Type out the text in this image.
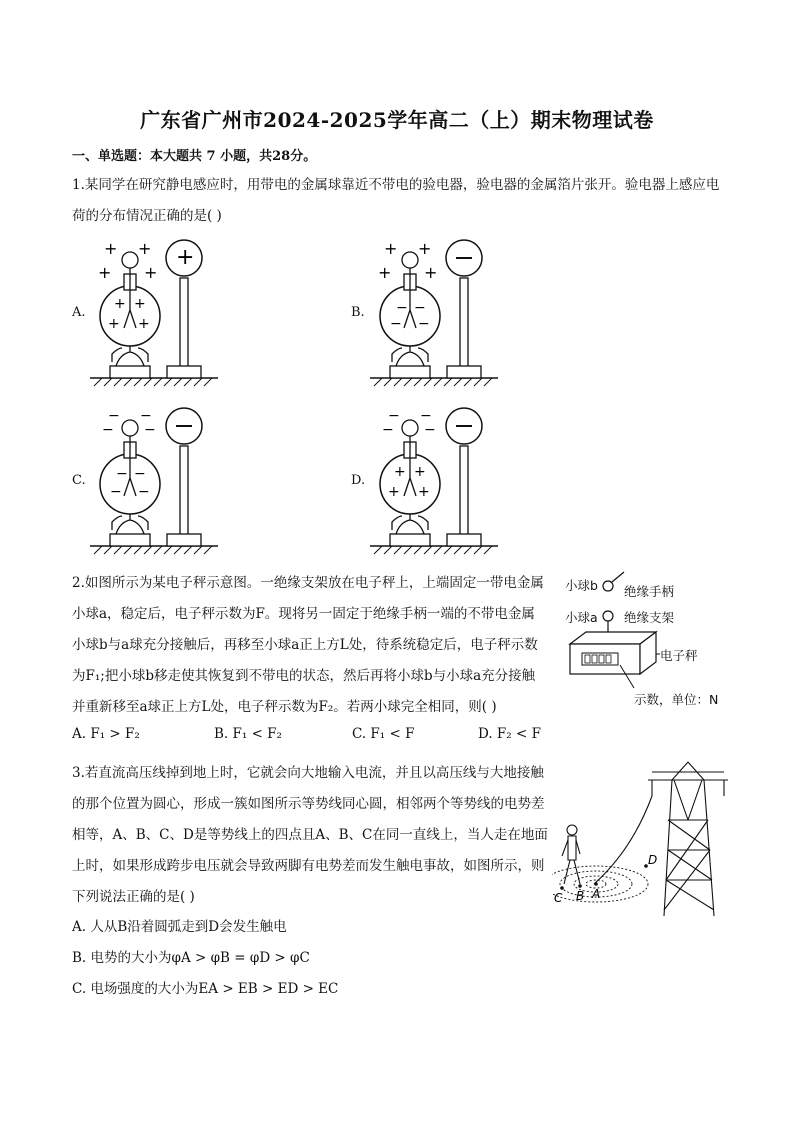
广东省广州市2024-2025学年高二（上）期末物理试卷
一、单选题：本大题共 7 小题，共28分。
1.某同学在研究静电感应时，用带电的金属球靠近不带电的验电器，验电器的金属箔片张开。验电器上感应电荷的分布情况正确的是( )
+
+ +
+ +
+ +
+ +
+ +
+ +
− −
− −
− −
− −
− −
− −
− −
− −
+ +
+ +
A.	B.
C.	D.
2.如图所示为某电子秤示意图。一绝缘支架放在电子秤上，上端固定一带电金属小球a，稳定后，电子秤示数为F。现将另一固定于绝缘手柄一端的不带电金属小球b与a球充分接触后，再移至小球a正上方L处，待系统稳定后，电子秤示数为F₁;把小球b移走使其恢复到不带电的状态，然后再将小球b与小球a充分接触并重新移至a球正上方L处，电子秤示数为F₂。若两小球完全相同，则( )
A. F₁ > F₂	B. F₁ < F₂	C. F₁ < F	D. F₂ < F
小球b 绝缘手柄
小球a 绝缘支架
电子秤
示数，单位：N
3.若直流高压线掉到地上时，它就会向大地输入电流，并且以高压线与大地接触的那个位置为圆心，形成一簇如图所示等势线同心圆，相邻两个等势线的电势差相等，A、B、C、D是等势线上的四点且A、B、C在同一直线上，当人走在地面上时，如果形成跨步电压就会导致两脚有电势差而发生触电事故，如图所示，则下列说法正确的是( )
A. 人从B沿着圆弧走到D会发生触电
B. 电势的大小为φA > φB = φD > φC
C. 电场强度的大小为EA > EB > ED > EC
C B A
D
